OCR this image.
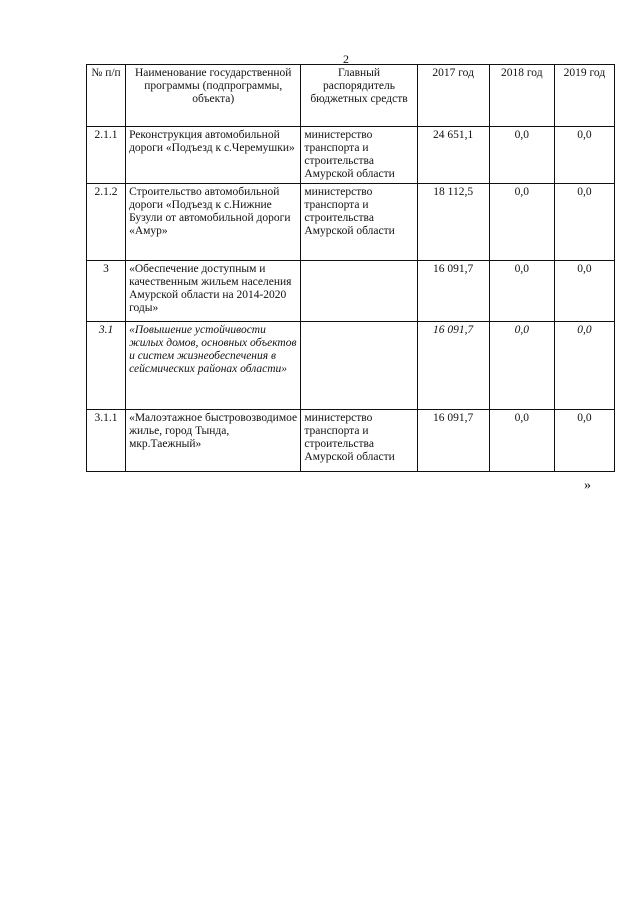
2
№ п/п	Наименование государственной программы (подпрограммы, объекта)	Главный распорядитель бюджетных средств	2017 год	2018 год	2019 год
2.1.1	Реконструкция автомобильной дороги «Подъезд к с.Черемушки»	министерство транспорта и строительства Амурской области	24 651,1	0,0	0,0
2.1.2	Строительство автомобильной дороги «Подъезд к с.Нижние Бузули от автомобильной дороги «Амур»	министерство транспорта и строительства Амурской области	18 112,5	0,0	0,0
3	«Обеспечение доступным и качественным жильем населения Амурской области на 2014-2020 годы»		16 091,7	0,0	0,0
3.1	«Повышение устойчивости жилых домов, основных объектов и систем жизнеобеспечения в сейсмических районах области»		16 091,7	0,0	0,0
3.1.1	«Малоэтажное быстровозводимое жилье, город Тында, мкр.Таежный»	министерство транспорта и строительства Амурской области	16 091,7	0,0	0,0
»
